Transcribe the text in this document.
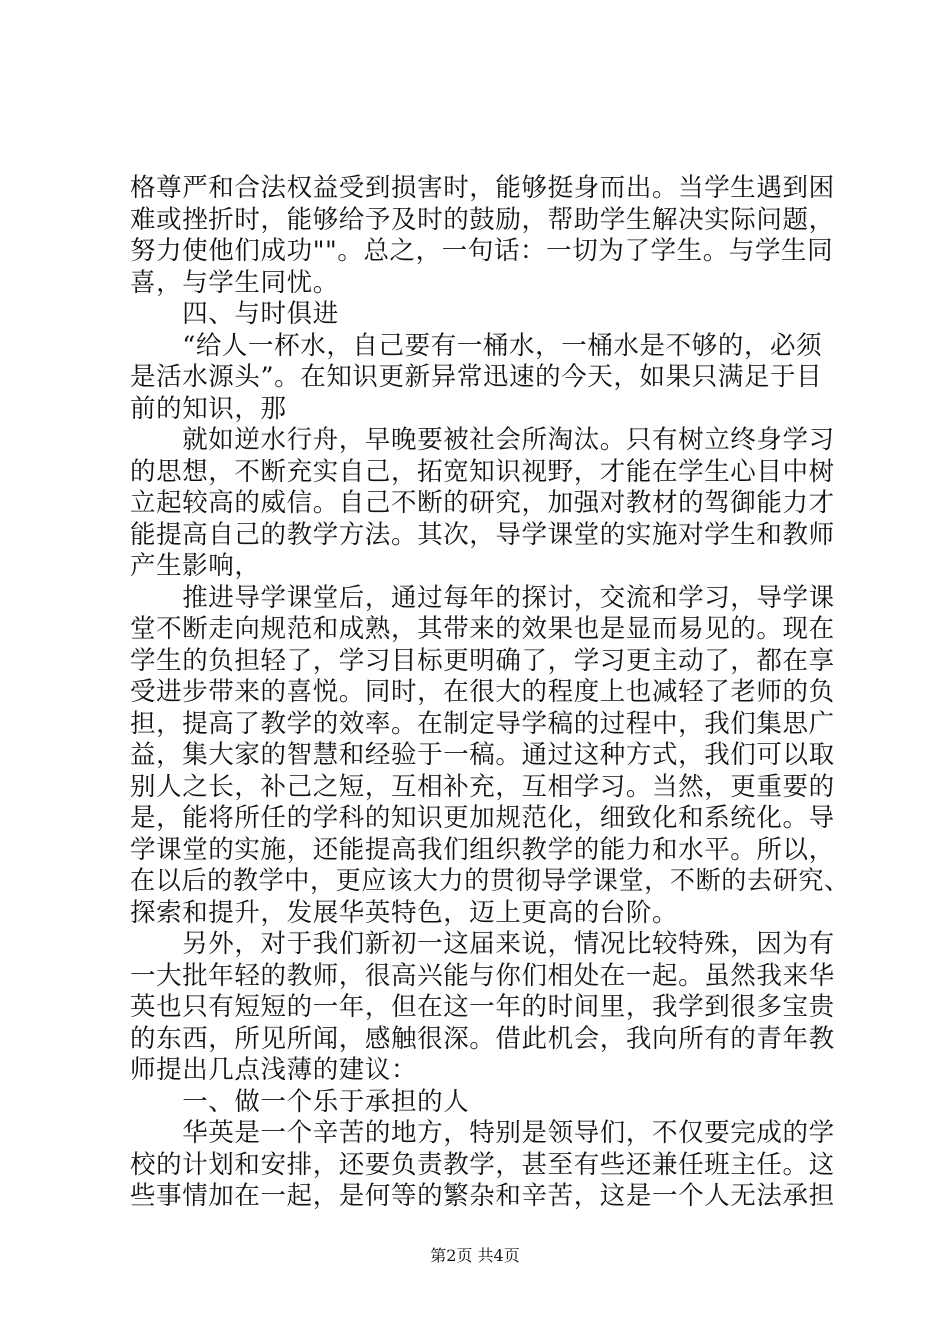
格尊严和合法权益受到损害时，能够挺身而出。当学生遇到困
难或挫折时，能够给予及时的鼓励，帮助学生解决实际问题，
努力使他们成功""。总之，一句话：一切为了学生。与学生同
喜，与学生同忧。

　　四、与时俱进

　　“给人一杯水，自己要有一桶水，一桶水是不够的，必须
是活水源头”。在知识更新异常迅速的今天，如果只满足于目
前的知识，那

　　就如逆水行舟，早晚要被社会所淘汰。只有树立终身学习
的思想，不断充实自己，拓宽知识视野，才能在学生心目中树
立起较高的威信。自己不断的研究，加强对教材的驾御能力才
能提高自己的教学方法。其次，导学课堂的实施对学生和教师
产生影响，

　　推进导学课堂后，通过每年的探讨，交流和学习，导学课
堂不断走向规范和成熟，其带来的效果也是显而易见的。现在
学生的负担轻了，学习目标更明确了，学习更主动了，都在享
受进步带来的喜悦。同时，在很大的程度上也减轻了老师的负
担，提高了教学的效率。在制定导学稿的过程中，我们集思广
益，集大家的智慧和经验于一稿。通过这种方式，我们可以取
别人之长，补己之短，互相补充，互相学习。当然，更重要的
是，能将所任的学科的知识更加规范化，细致化和系统化。导
学课堂的实施，还能提高我们组织教学的能力和水平。所以，
在以后的教学中，更应该大力的贯彻导学课堂，不断的去研究、
探索和提升，发展华英特色，迈上更高的台阶。

　　另外，对于我们新初一这届来说，情况比较特殊，因为有
一大批年轻的教师，很高兴能与你们相处在一起。虽然我来华
英也只有短短的一年，但在这一年的时间里，我学到很多宝贵
的东西，所见所闻，感触很深。借此机会，我向所有的青年教
师提出几点浅薄的建议：

　　一、做一个乐于承担的人

　　华英是一个辛苦的地方，特别是领导们，不仅要完成的学
校的计划和安排，还要负责教学，甚至有些还兼任班主任。这
些事情加在一起，是何等的繁杂和辛苦，这是一个人无法承担

第2页 共4页
